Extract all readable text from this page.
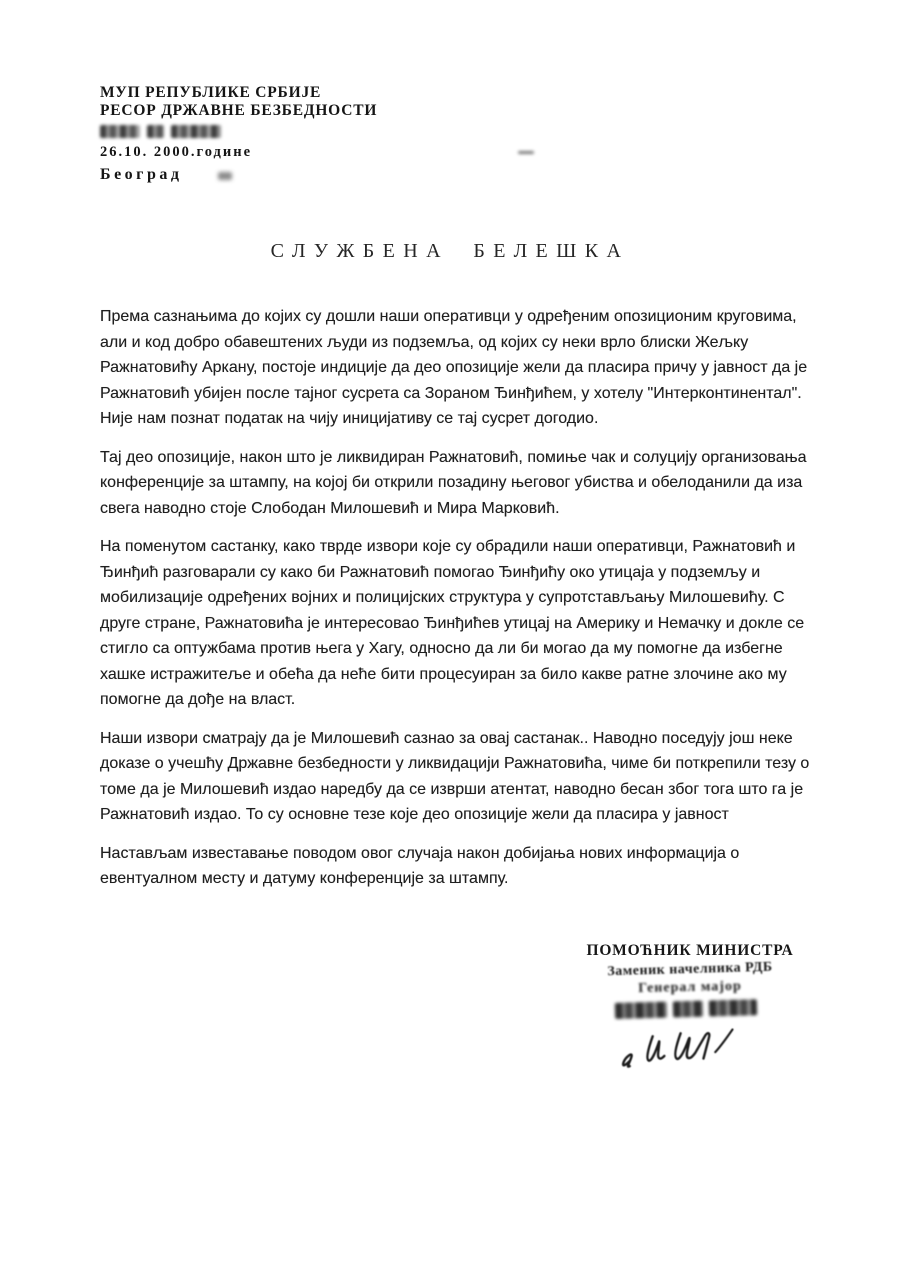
МУП РЕПУБЛИКЕ СРБИЈЕ
РЕСОР ДРЖАВНЕ БЕЗБЕДНОСТИ
26.10. 2000.године
Београд
СЛУЖБЕНА БЕЛЕШКА

Према сазнањима до којих су дошли наши оперативци у одређеним опозиционим круговима, али и код добро обавештених људи из подземља, од којих су неки врло блиски Жељку Ражнатовићу Аркану, постоје индиције да део опозиције жели да пласира причу у јавност да је Ражнатовић убијен после тајног сусрета са Зораном Ђинђићем, у хотелу "Интерконтинентал". Није нам познат податак на чију иницијативу се тај сусрет догодио.

Тај део опозиције, након што је ликвидиран Ражнатовић, помиње чак и солуцију организовања конференције за штампу, на којој би открили позадину његовог убиства и обелоданили да иза свега наводно стоје Слободан Милошевић и Мира Марковић.

На поменутом састанку, како тврде извори које су обрадили наши оперативци, Ражнатовић и Ђинђић разговарали су како би Ражнатовић помогао Ђинђићу око утицаја у подземљу и мобилизације одређених војних и полицијских структура у супротстављању Милошевићу. С друге стране, Ражнатовића је интересовао Ђинђићев утицај на Америку и Немачку и докле се стигло са оптужбама против њега у Хагу, односно да ли би могао да му помогне да избегне хашке истражитеље и обећа да неће бити процесуиран за било какве ратне злочине ако му помогне да дође на власт.

Наши извори сматрају да је Милошевић сазнао за овај састанак.. Наводно поседују још неке доказе о учешћу Државне безбедности у ликвидацији Ражнатовића, чиме би поткрепили тезу о томе да је Милошевић издао наредбу да се изврши атентат, наводно бесан због тога што га је Ражнатовић издао. То су основне тезе које део опозиције жели да пласира у јавност

Настављам известавање поводом овог случаја након добијања нових информација о евентуалном месту и датуму конференције за штампу.

ПОМОЋНИК МИНИСТРА
Заменик начелника РДБ
Генерал мајор
